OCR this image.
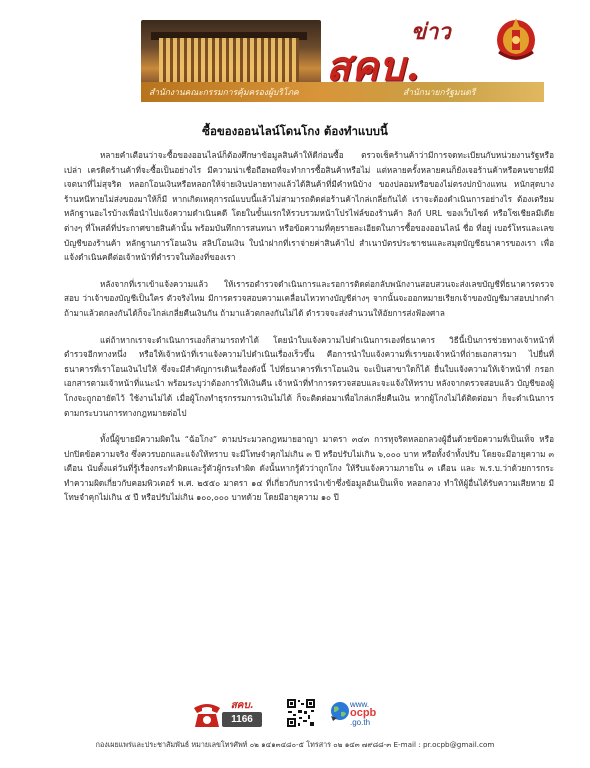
สำนักงานคณะกรรมการคุ้มครองผู้บริโภค	สำนักนายกรัฐมนตรี
ข่าว
สคบ.
ซื้อของออนไลน์โดนโกง ต้องทำแบบนี้

หลายคำเตือนว่าจะซื้อของออนไลน์ก็ต้องศึกษาข้อมูลสินค้าให้ดีก่อนซื้อ ตรวจเช็คร้านค้าว่ามีการจดทะเบียนกับหน่วยงานรัฐหรือเปล่า เครดิตร้านค้าที่จะซื้อเป็นอย่างไร มีความน่าเชื่อถือพอที่จะทำการซื้อสินค้าหรือไม่ แต่หลายครั้งหลายคนก็ยังเจอร้านค้าหรือคนขายที่มีเจตนาที่ไม่สุจริต หลอกโอนเงินหรือหลอกให้จ่ายเงินปลายทางแล้วได้สินค้าที่มีคำหนิบ้าง ของปลอมหรือของไม่ตรงปกบ้างแทน หนักสุดบางร้านหนีหายไม่ส่งของมาให้ก็มี หากเกิดเหตุการณ์แบบนี้แล้วไม่สามารถติดต่อร้านค้าไกล่เกลี่ยกันได้ เราจะต้องดำเนินการอย่างไร ต้องเตรียมหลักฐานอะไรบ้างเพื่อนำไปแจ้งความดำเนินคดี โดยในขั้นแรกให้รวบรวมหน้าโปรไฟล์ของร้านค้า ลิงก์ URL ของเว็บไซต์ หรือโซเชียลมีเดียต่างๆ ที่โพสต์ที่ประกาศขายสินค้านั้น พร้อมบันทึกการสนทนา หรือข้อความที่คุยรายละเอียดในการซื้อของออนไลน์ ชื่อ ที่อยู่ เบอร์โทรและเลขบัญชีของร้านค้า หลักฐานการโอนเงิน สลิปโอนเงิน ใบนำฝากที่เราจ่ายค่าสินค้าไป สำเนาบัตรประชาชนและสมุดบัญชีธนาคารของเรา เพื่อแจ้งดำเนินคดีต่อเจ้าหน้าที่ตำรวจในท้องที่ของเรา

หลังจากที่เราเข้าแจ้งความแล้ว ให้เรารอตำรวจดำเนินการและรอการติดต่อกลับพนักงานสอบสวนจะส่งเลขบัญชีที่ธนาคารตรวจสอบ ว่าเจ้าของบัญชีเป็นใคร ตัวจริงไหม มีการตรวจสอบความเคลื่อนไหวทางบัญชีต่างๆ จากนั้นจะออกหมายเรียกเจ้าของบัญชีมาสอบปากคำ ถ้ามาแล้วตกลงกันได้ก็จะไกล่เกลี่ยคืนเงินกัน ถ้ามาแล้วตกลงกันไม่ได้ ตำรวจจะส่งสำนวนให้อัยการส่งฟ้องศาล

แต่ถ้าหากเราจะดำเนินการเองก็สามารถทำได้ โดยนำใบแจ้งความไปดำเนินการเองที่ธนาคาร วิธีนี้เป็นการช่วยทางเจ้าหน้าที่ตำรวจอีกทางหนึ่ง หรือให้เจ้าหน้าที่เราแจ้งความไปดำเนินเรื่องเร็วขึ้น คือการนำใบแจ้งความที่เราขอเจ้าหน้าที่ถ่ายเอกสารมา ไปยื่นที่ธนาคารที่เราโอนเงินไปให้ ซึ่งจะมีสำคัญการเดินเรื่องดังนี้ ไปที่ธนาคารที่เราโอนเงิน จะเป็นสาขาใดก็ได้ ยื่นใบแจ้งความให้เจ้าหน้าที่ กรอกเอกสารตามเจ้าหน้าที่แนะนำ พร้อมระบุว่าต้องการให้เงินคืน เจ้าหน้าที่ทำการตรวจสอบและจะแจ้งให้ทราบ หลังจากตรวจสอบแล้ว บัญชีของผู้โกงจะถูกอายัดไว้ ใช้งานไม่ได้ เมื่อผู้โกงทำธุรกรรมการเงินไม่ได้ ก็จะติดต่อมาเพื่อไกล่เกลี่ยคืนเงิน หากผู้โกงไม่ได้ติดต่อมา ก็จะดำเนินการตามกระบวนการทางกฎหมายต่อไป

ทั้งนี้ผู้ขายมีความผิดใน “ฉ้อโกง” ตามประมวลกฎหมายอาญา มาตรา ๓๔๓ การทุจริตหลอกลวงผู้อื่นด้วยข้อความที่เป็นเท็จ หรือ ปกปิดข้อความจริง ซึ่งควรบอกและแจ้งให้ทราบ จะมีโทษจำคุกไม่เกิน ๓ ปี หรือปรับไม่เกิน ๖,๐๐๐ บาท หรือทั้งจำทั้งปรับ โดยจะมีอายุความ ๓ เดือน นับตั้งแต่วันที่รู้เรื่องกระทำผิดและรู้ตัวผู้กระทำผิด ดังนั้นหากรู้ตัวว่าถูกโกง ให้รีบแจ้งความภายใน ๓ เดือน และ พ.ร.บ.ว่าด้วยการกระทำความผิดเกี่ยวกับคอมพิวเตอร์ พ.ศ. ๒๕๕๐ มาตรา ๑๔ ที่เกี่ยวกับการนำเข้าซึ่งข้อมูลอันเป็นเท็จ หลอกลวง ทำให้ผู้อื่นได้รับความเสียหาย มีโทษจำคุกไม่เกิน ๕ ปี หรือปรับไม่เกิน ๑๐๐,๐๐๐ บาทด้วย โดยมีอายุความ ๑๐ ปี

สคบ.
1166
www.
ocpb
.go.th
กองเผยแพร่และประชาสัมพันธ์ หมายเลขโทรศัพท์ ๐๒ ๑๔๑๓๔๘๐-๕ โทรสาร ๐๒ ๑๔๓ ๗๙๘๘-๓ E-mail : pr.ocpb@gmail.com
